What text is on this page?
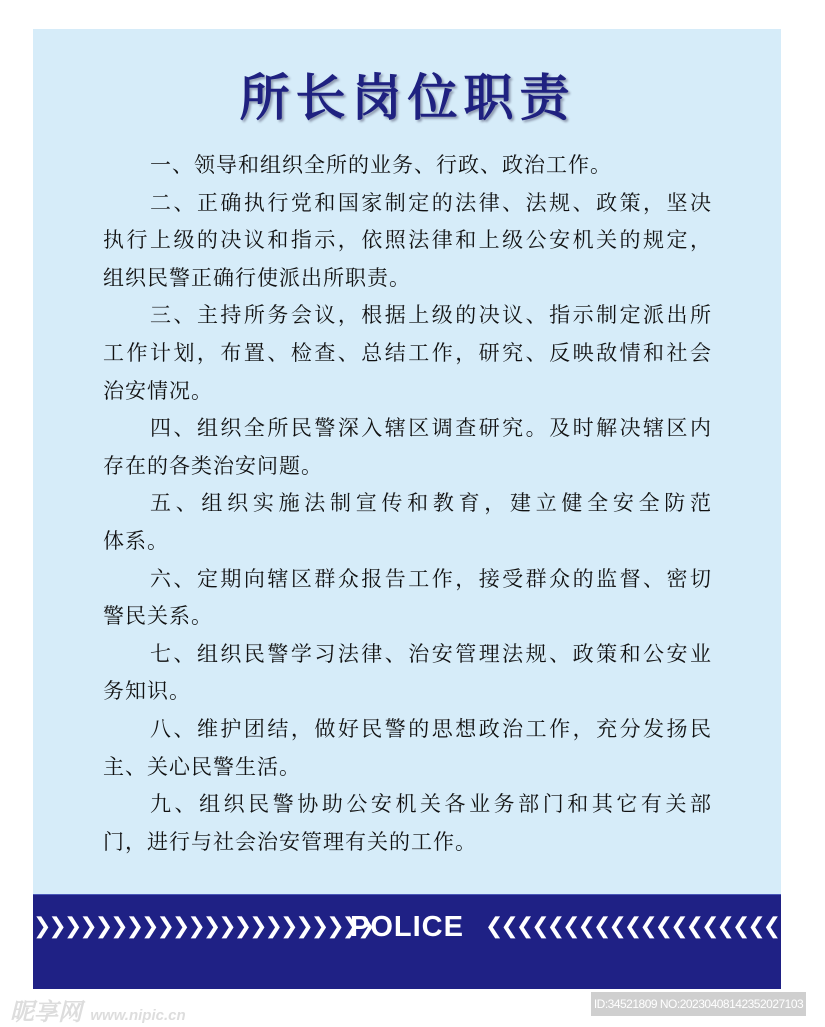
所长岗位职责
一、领导和组织全所的业务、行政、政治工作。
二、正确执行党和国家制定的法律、法规、政策，坚决
执行上级的决议和指示，依照法律和上级公安机关的规定，
组织民警正确行使派出所职责。
三、主持所务会议，根据上级的决议、指示制定派出所
工作计划，布置、检查、总结工作，研究、反映敌情和社会
治安情况。
四、组织全所民警深入辖区调查研究。及时解决辖区内
存在的各类治安问题。
五、组织实施法制宣传和教育，建立健全安全防范
体系。
六、定期向辖区群众报告工作，接受群众的监督、密切
警民关系。
七、组织民警学习法律、治安管理法规、政策和公安业
务知识。
八、维护团结，做好民警的思想政治工作，充分发扬民
主、关心民警生活。
九、组织民警协助公安机关各业务部门和其它有关部
门，进行与社会治安管理有关的工作。
❯❯❯❯❯❯❯❯❯❯❯❯❯❯❯❯❯❯❯❯❯❯
POLICE ❮❮❮❮❮❮❮❮❮❮❮❮❮❮❮❮❮❮❮❮❮❮
昵享网 www.nipic.cn
ID:34521809 NO:20230408142352027103
